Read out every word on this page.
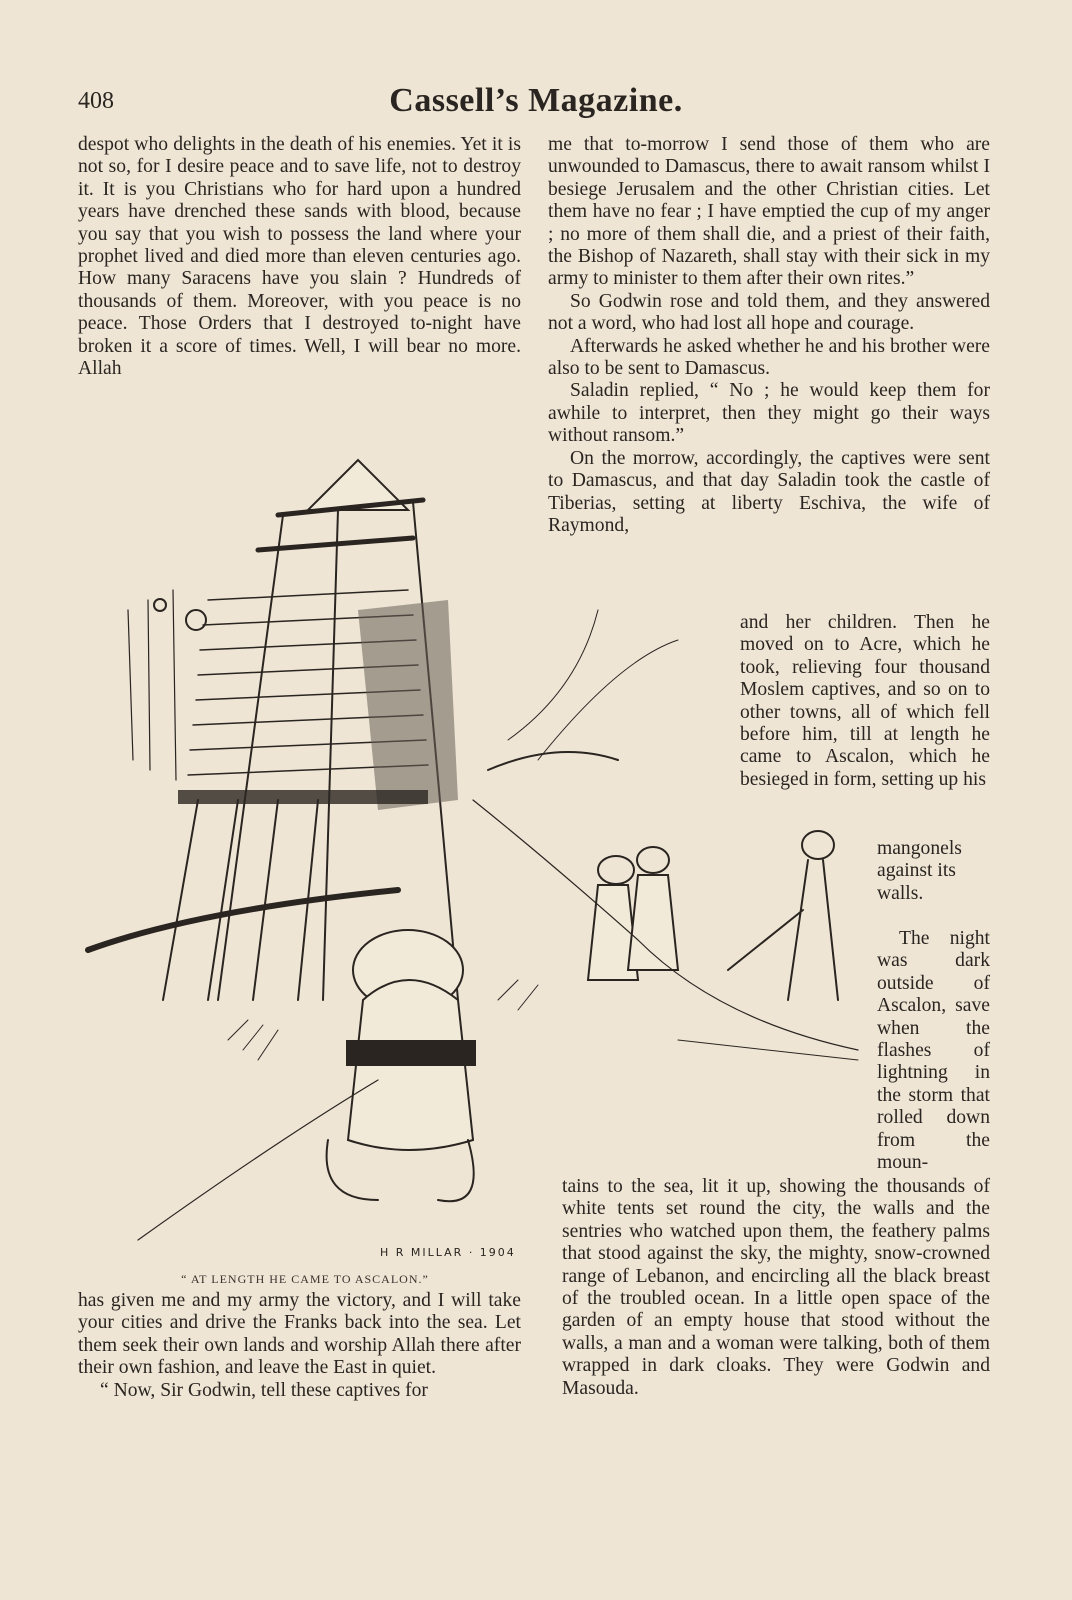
408	Cassell’s Magazine.

despot who delights in the death of his enemies. Yet it is not so, for I desire peace and to save life, not to destroy it. It is you Christians who for hard upon a hundred years have drenched these sands with blood, because you say that you wish to possess the land where your prophet lived and died more than eleven centuries ago. How many Saracens have you slain ? Hundreds of thousands of them. Moreover, with you peace is no peace. Those Orders that I destroyed to-night have broken it a score of times. Well, I will bear no more. Allah

me that to-morrow I send those of them who are unwounded to Damascus, there to await ransom whilst I besiege Jerusalem and the other Christian cities. Let them have no fear ; I have emptied the cup of my anger ; no more of them shall die, and a priest of their faith, the Bishop of Nazareth, shall stay with their sick in my army to minister to them after their own rites.”

So Godwin rose and told them, and they answered not a word, who had lost all hope and courage.

Afterwards he asked whether he and his brother were also to be sent to Damascus.

Saladin replied, “ No ; he would keep them for awhile to interpret, then they might go their ways without ransom.”

On the morrow, accordingly, the captives were sent to Damascus, and that day Saladin took the castle of Tiberias, setting at liberty Eschiva, the wife of Raymond,

and her children. Then he moved on to Acre, which he took, relieving four thousand Moslem captives, and so on to other towns, all of which fell before him, till at length he came to Ascalon, which he besieged in form, setting up his

mangonels against its walls.

The night was dark outside of Ascalon, save when the flashes of lightning in the storm that rolled down from the moun-

tains to the sea, lit it up, showing the thousands of white tents set round the city, the walls and the sentries who watched upon them, the feathery palms that stood against the sky, the mighty, snow-crowned range of Lebanon, and encircling all the black breast of the troubled ocean. In a little open space of the garden of an empty house that stood without the walls, a man and a woman were talking, both of them wrapped in dark cloaks. They were Godwin and Masouda.

has given me and my army the victory, and I will take your cities and drive the Franks back into the sea. Let them seek their own lands and worship Allah there after their own fashion, and leave the East in quiet.

“ Now, Sir Godwin, tell these captives for

H R MILLAR · 1904
“ AT LENGTH HE CAME TO ASCALON.”
